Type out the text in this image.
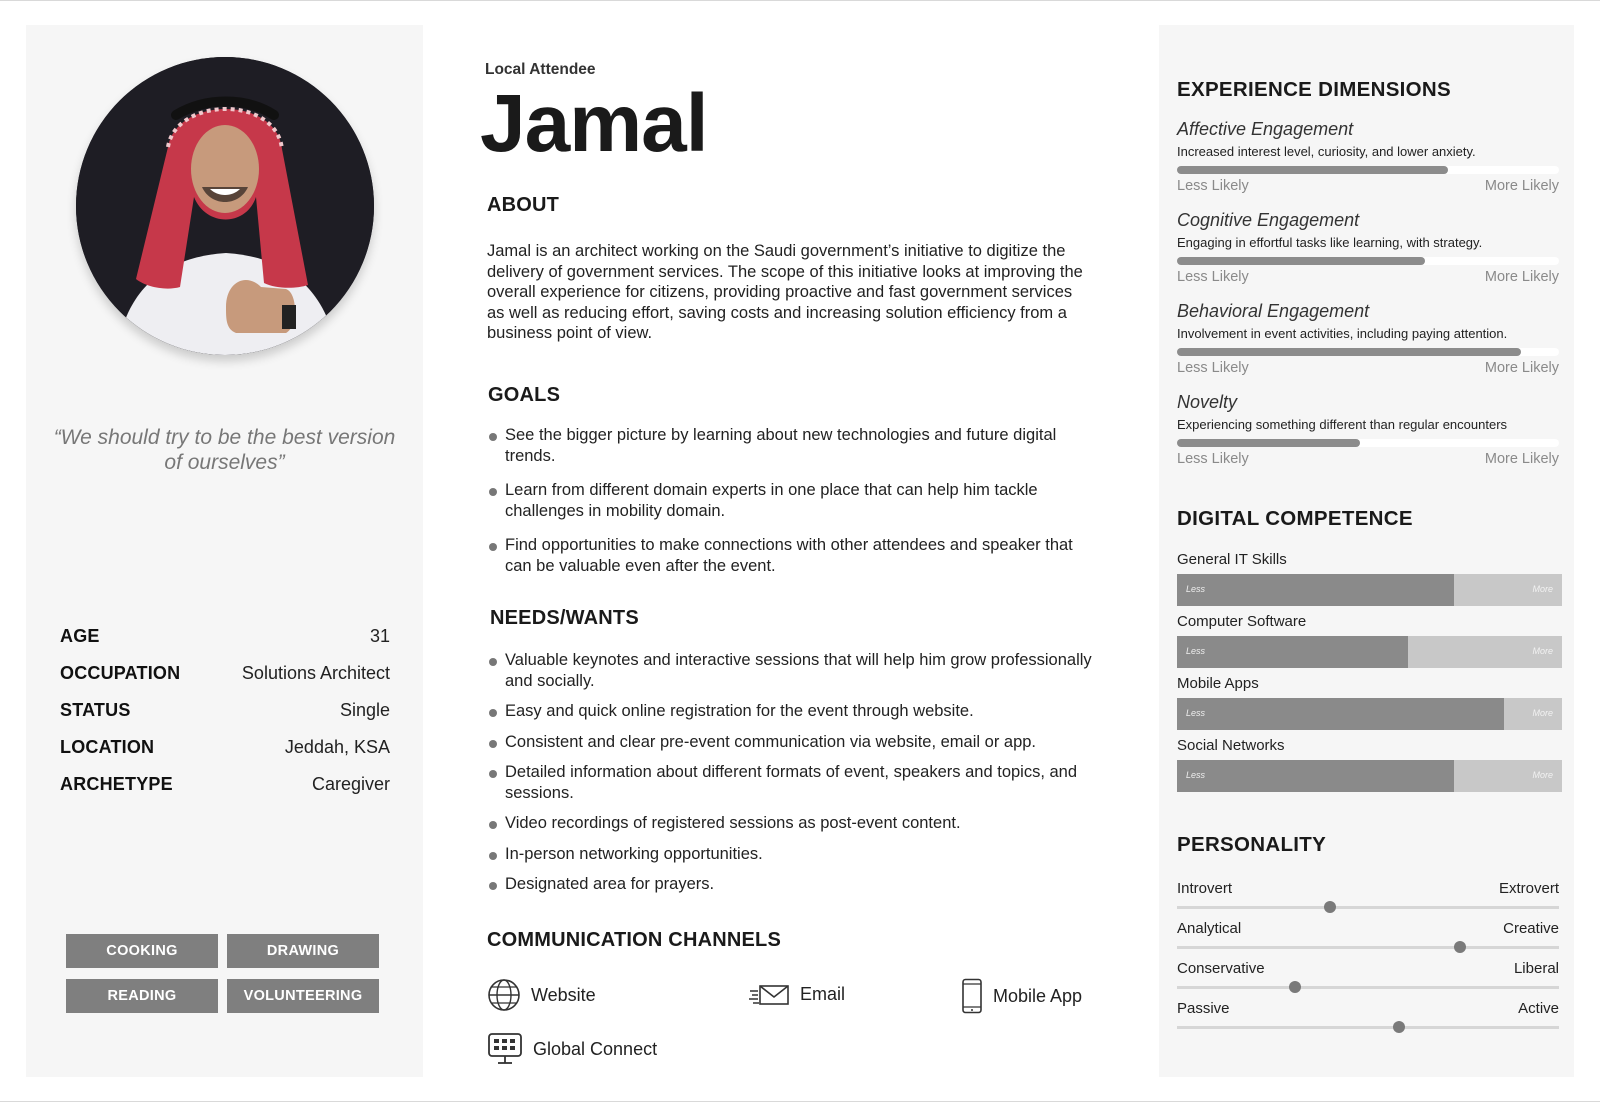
“We should try to be the best version of ourselves”
AGE	31
OCCUPATION	Solutions Architect
STATUS	Single
LOCATION	Jeddah, KSA
ARCHETYPE	Caregiver
COOKING	DRAWING
READING	VOLUNTEERING
Local Attendee
Jamal
ABOUT
Jamal is an architect working on the Saudi government’s initiative to digitize the delivery of government services. The scope of this initiative looks at improving the overall experience for citizens, providing proactive and fast government services as well as reducing effort, saving costs and increasing solution efficiency from a business point of view.
GOALS
See the bigger picture by learning about new technologies and future digital trends.
Learn from different domain experts in one place that can help him tackle challenges in mobility domain.
Find opportunities to make connections with other attendees and speaker that can be valuable even after the event.
NEEDS/WANTS
Valuable keynotes and interactive sessions that will help him grow professionally and socially.
Easy and quick online registration for the event through website.
Consistent and clear pre-event communication via website, email or app.
Detailed information about different formats of event, speakers and topics, and sessions.
Video recordings of registered sessions as post-event content.
In-person networking opportunities.
Designated area for prayers.
COMMUNICATION CHANNELS
Website	Email	Mobile App
Global Connect
EXPERIENCE DIMENSIONS
Affective Engagement
Increased interest level, curiosity, and lower anxiety.
Less Likely	More Likely
Cognitive Engagement
Engaging in effortful tasks like learning, with strategy.
Less Likely	More Likely
Behavioral Engagement
Involvement in event activities, including paying attention.
Less Likely	More Likely
Novelty
Experiencing something different than regular encounters
Less Likely	More Likely
DIGITAL COMPETENCE
General IT Skills
Less	More
Computer Software
Less	More
Mobile Apps
Less	More
Social Networks
Less	More
PERSONALITY
Introvert	Extrovert
Analytical	Creative
Conservative	Liberal
Passive	Active
